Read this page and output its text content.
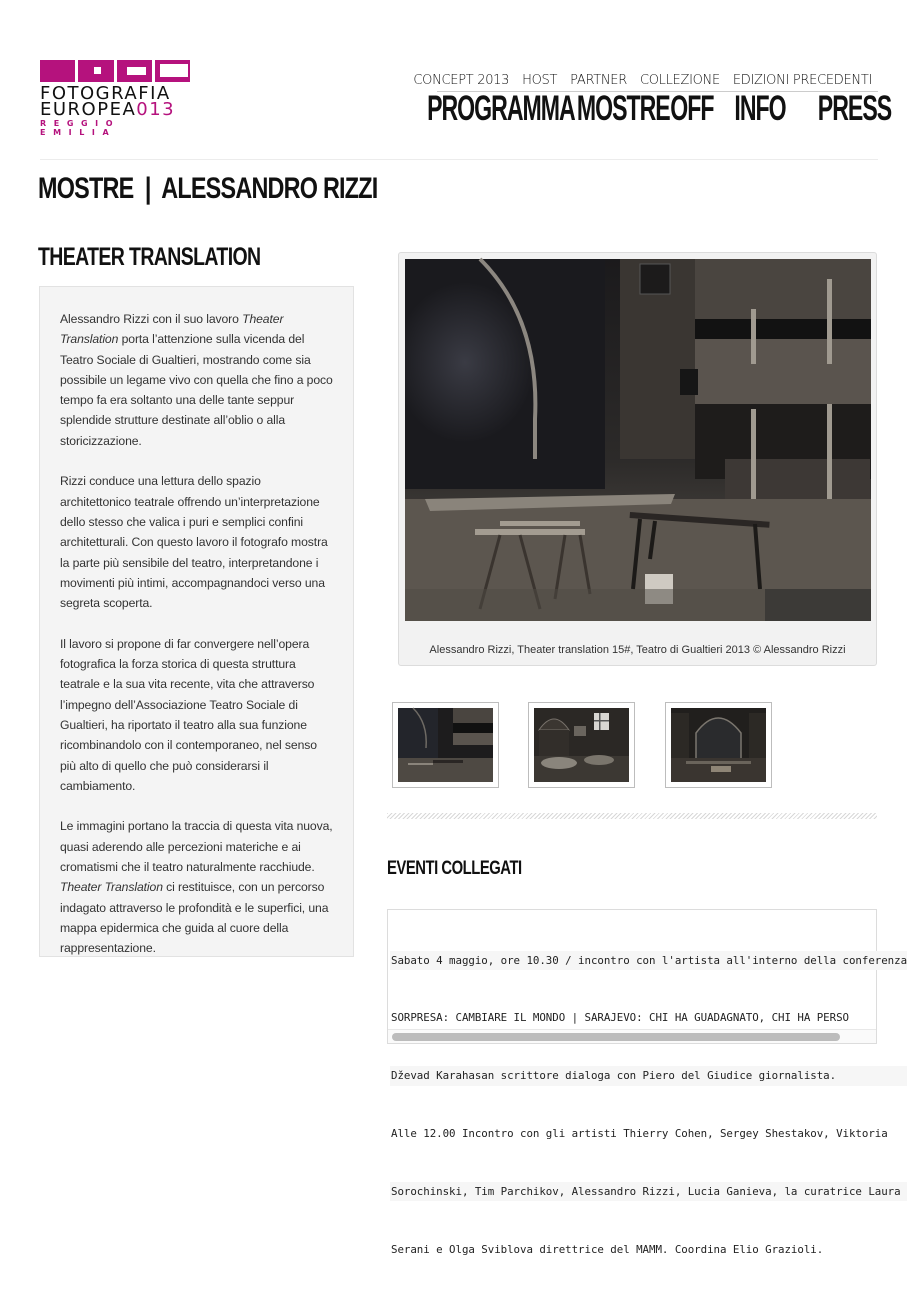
FOTOGRAFIA
EUROPEA013
REGGIO EMILIA
CONCEPT 2013 HOST PARTNER COLLEZIONE EDIZIONI PRECEDENTI
PROGRAMMA MOSTRE OFF INFO PRESS
MOSTRE  |  ALESSANDRO RIZZI
THEATER TRANSLATION

Alessandro Rizzi con il suo lavoro Theater Translation porta l’attenzione sulla vicenda del Teatro Sociale di Gualtieri, mostrando come sia possibile un legame vivo con quella che fino a poco tempo fa era soltanto una delle tante seppur splendide strutture destinate all’oblio o alla storicizzazione.

Rizzi conduce una lettura dello spazio architettonico teatrale offrendo un’interpretazione dello stesso che valica i puri e semplici confini architetturali. Con questo lavoro il fotografo mostra la parte più sensibile del teatro, interpretandone i movimenti più intimi, accompagnandoci verso una segreta scoperta.

Il lavoro si propone di far convergere nell’opera fotografica la forza storica di questa struttura teatrale e la sua vita recente, vita che attraverso l’impegno dell’Associazione Teatro Sociale di Gualtieri, ha riportato il teatro alla sua funzione ricombinandolo con il contemporaneo, nel senso più alto di quello che può considerarsi il cambiamento.

Le immagini portano la traccia di questa vita nuova, quasi aderendo alle percezioni materiche e ai cromatismi che il teatro naturalmente racchiude.  Theater Translation ci restituisce, con un percorso indagato attraverso le profondità e le superfici, una mappa epidermica che guida al cuore della rappresentazione.

Alessandro Rizzi, Theater translation 15#, Teatro di Gualtieri 2013 © Alessandro Rizzi
EVENTI COLLEGATI

Sabato 4 maggio, ore 10.30 / incontro con l'artista all'interno della conferenza

SORPRESA: CAMBIARE IL MONDO | SARAJEVO: CHI HA GUADAGNATO, CHI HA PERSO

Dževad Karahasan scrittore dialoga con Piero del Giudice giornalista.

Alle 12.00 Incontro con gli artisti Thierry Cohen, Sergey Shestakov, Viktoria

Sorochinski, Tim Parchikov, Alessandro Rizzi, Lucia Ganieva, la curatrice Laura

Serani e Olga Sviblova direttrice del MAMM. Coordina Elio Grazioli.
